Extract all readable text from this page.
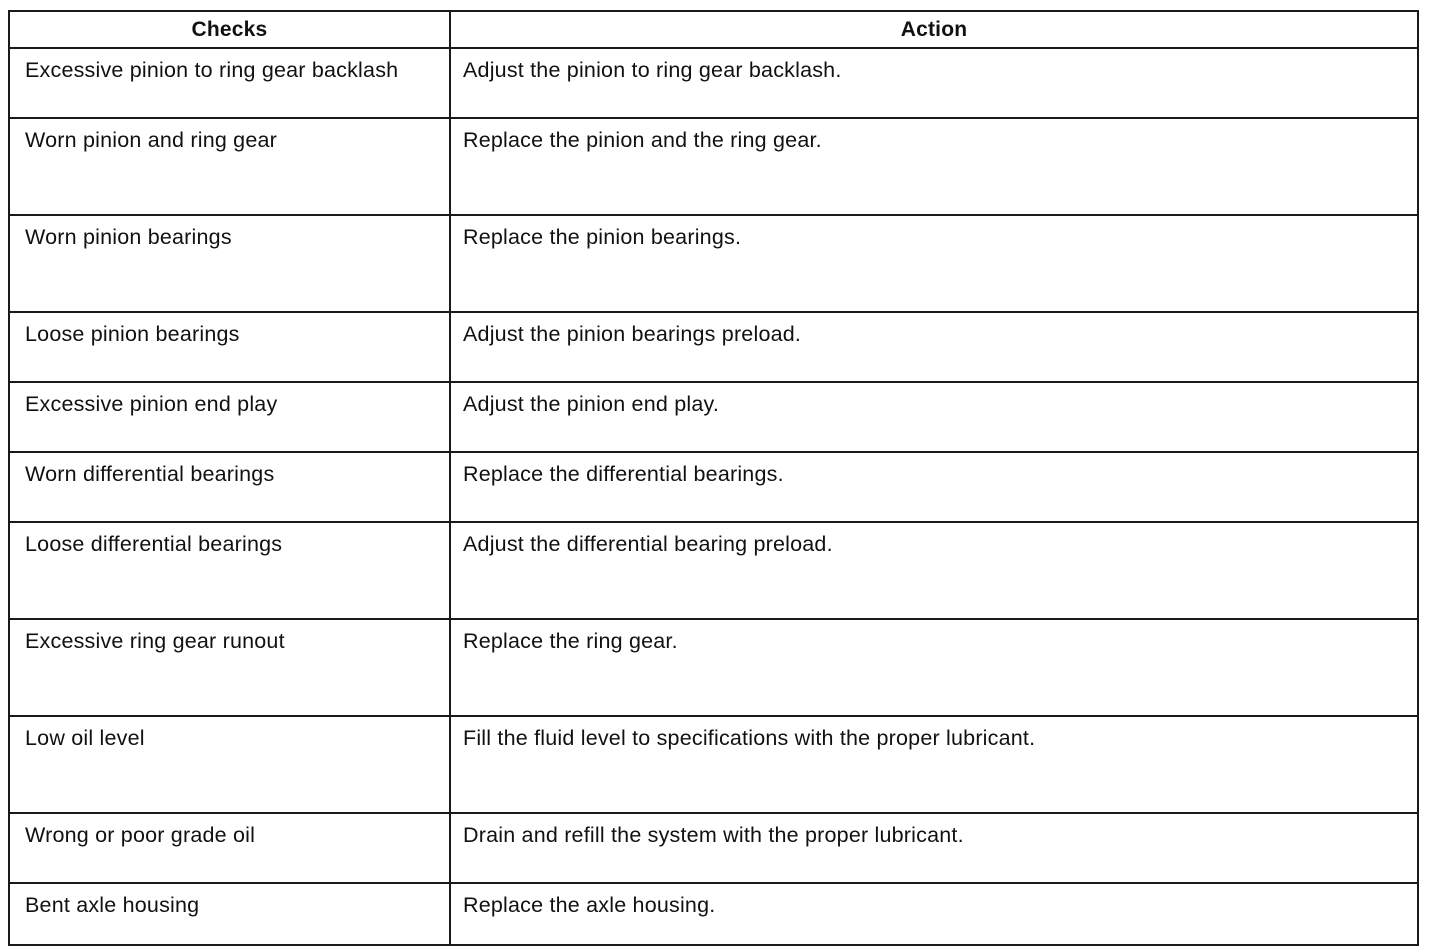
Checks	Action
Excessive pinion to ring gear backlash	Adjust the pinion to ring gear backlash.
Worn pinion and ring gear	Replace the pinion and the ring gear.
Worn pinion bearings	Replace the pinion bearings.
Loose pinion bearings	Adjust the pinion bearings preload.
Excessive pinion end play	Adjust the pinion end play.
Worn differential bearings	Replace the differential bearings.
Loose differential bearings	Adjust the differential bearing preload.
Excessive ring gear runout	Replace the ring gear.
Low oil level	Fill the fluid level to specifications with the proper lubricant.
Wrong or poor grade oil	Drain and refill the system with the proper lubricant.
Bent axle housing	Replace the axle housing.
